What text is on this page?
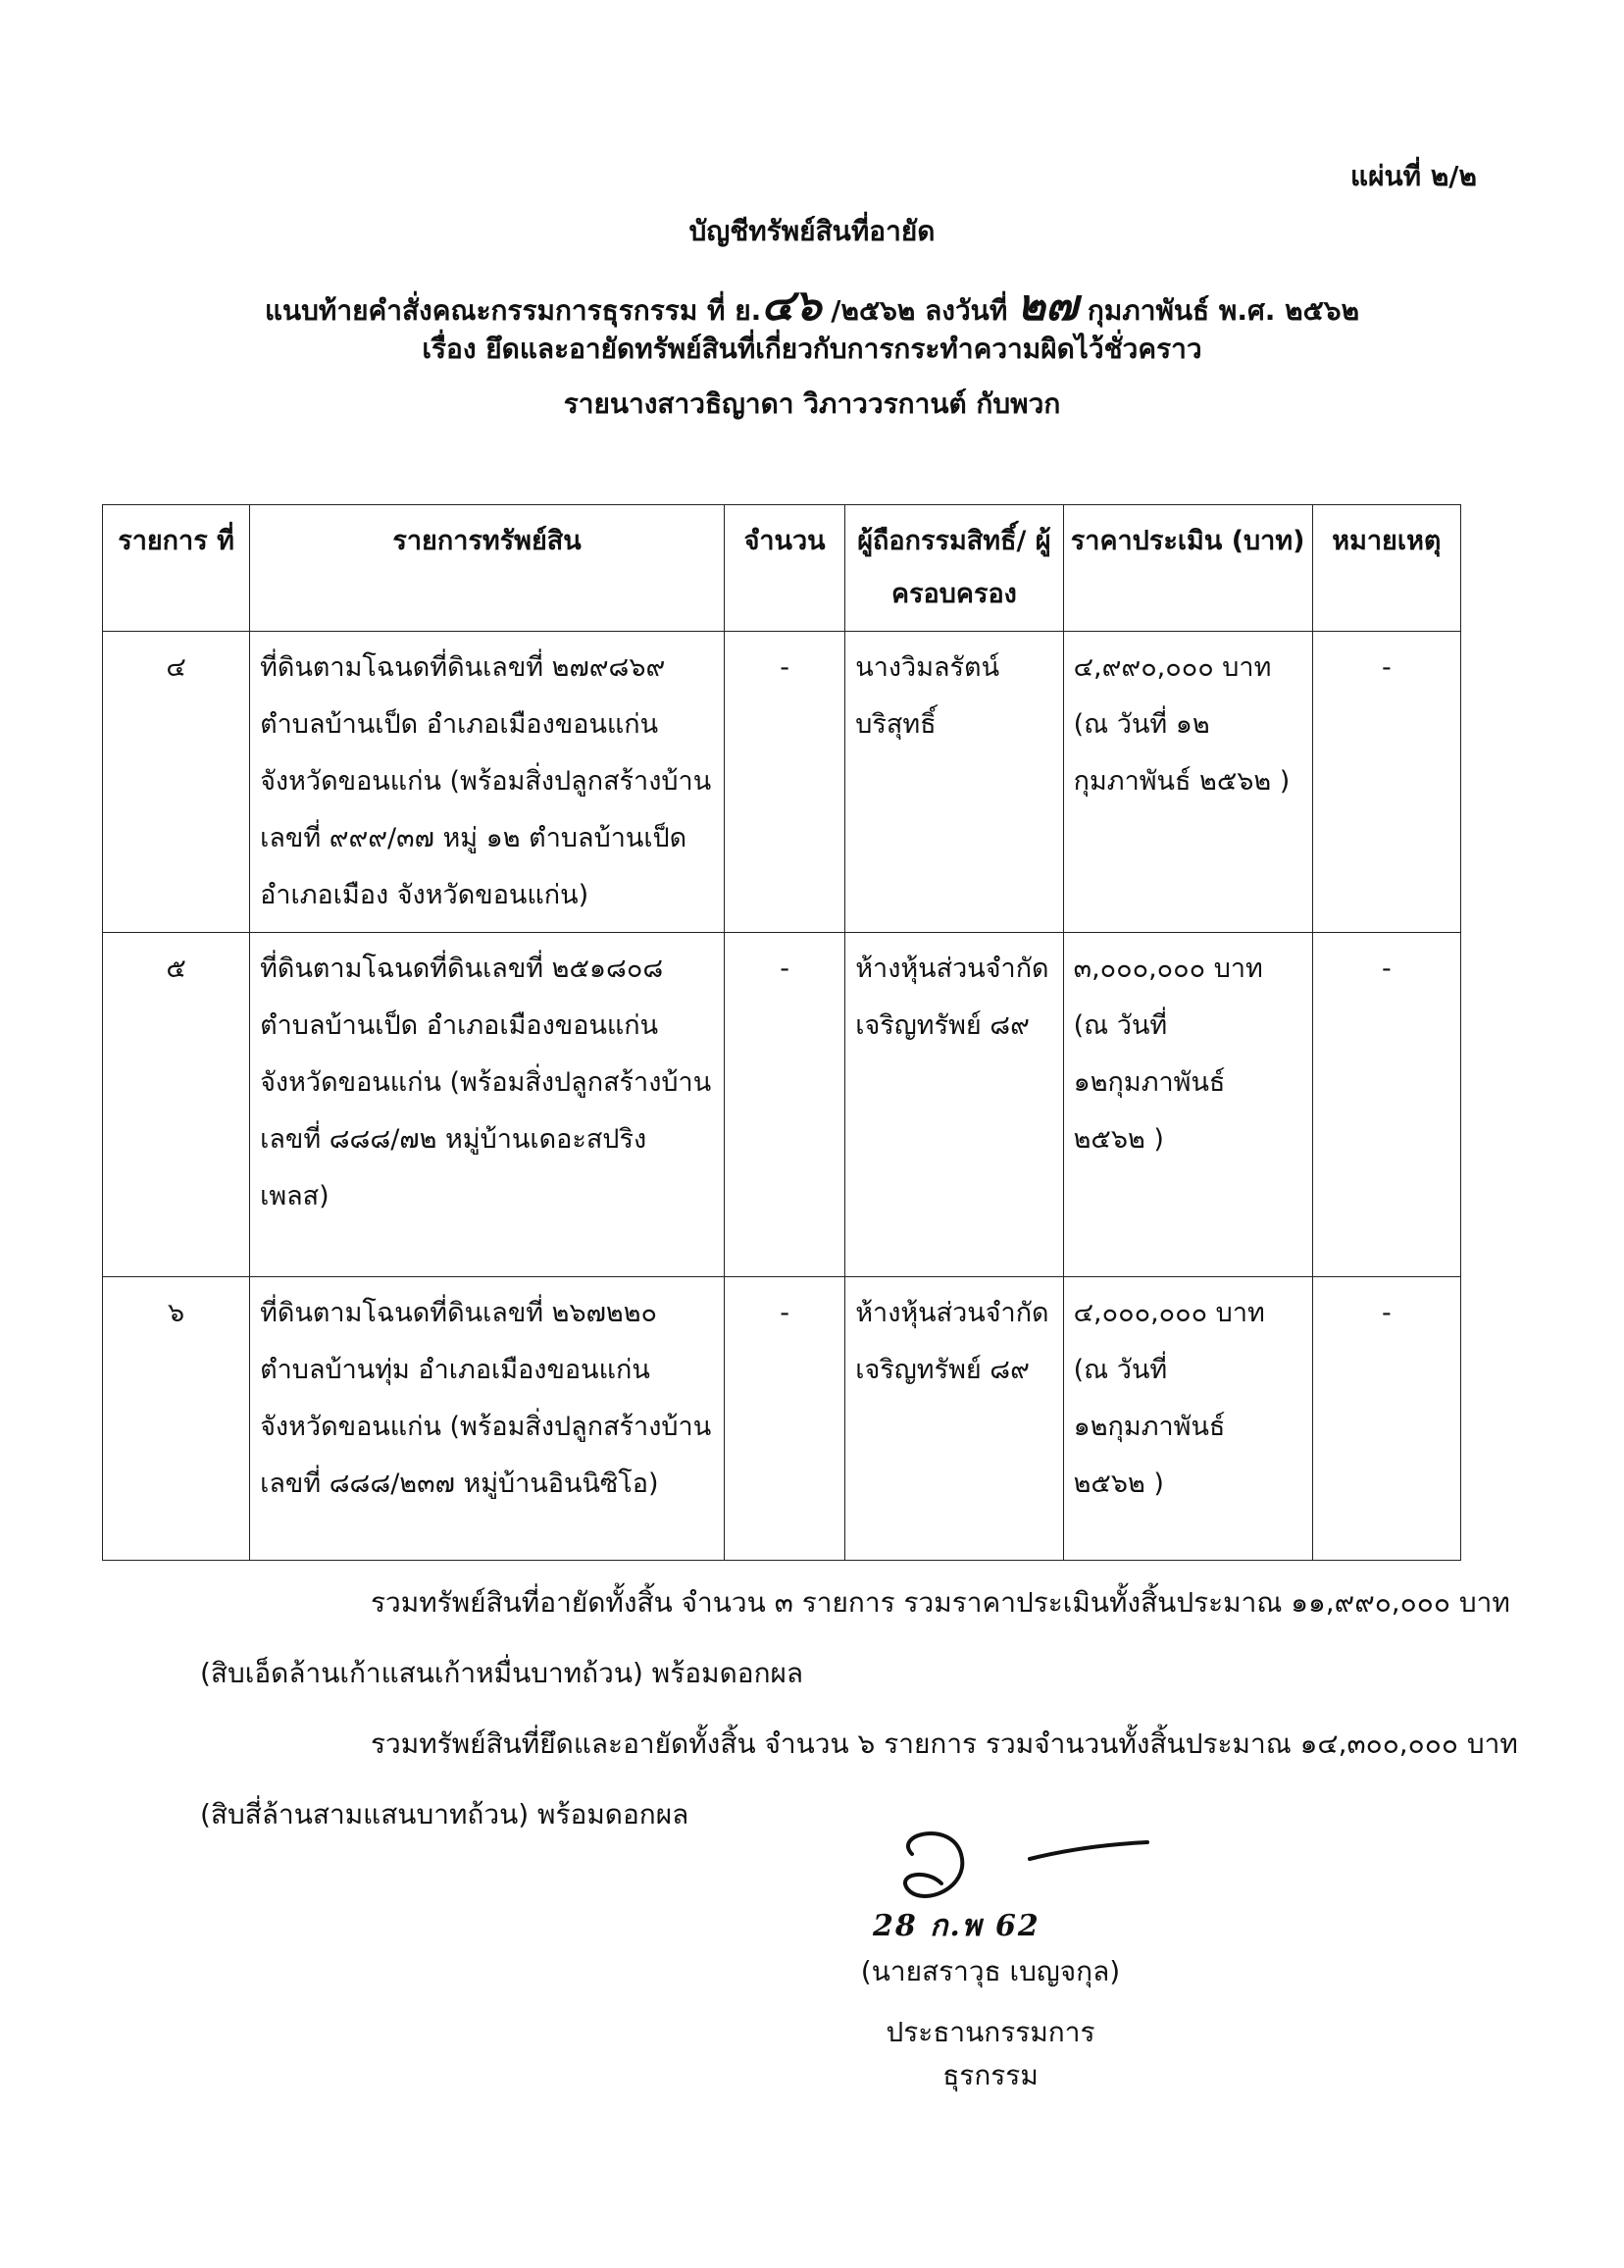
แผ่นที่ ๒/๒
บัญชีทรัพย์สินที่อายัด
แนบท้ายคำสั่งคณะกรรมการธุรกรรม ที่ ย.๔๖ /๒๕๖๒ ลงวันที่ ๒๗ กุมภาพันธ์ พ.ศ. ๒๕๖๒
เรื่อง ยึดและอายัดทรัพย์สินที่เกี่ยวกับการกระทำความผิดไว้ชั่วคราว
รายนางสาวธิญาดา วิภาววรกานต์ กับพวก
รายการ ที่	รายการทรัพย์สิน	จำนวน	ผู้ถือกรรมสิทธิ์/ ผู้ครอบครอง	ราคาประเมิน (บาท)	หมายเหตุ
๔	ที่ดินตามโฉนดที่ดินเลขที่ ๒๗๙๘๖๙ ตำบลบ้านเป็ด อำเภอเมืองขอนแก่น จังหวัดขอนแก่น (พร้อมสิ่งปลูกสร้างบ้านเลขที่ ๙๙๙/๓๗ หมู่ ๑๒ ตำบลบ้านเป็ด อำเภอเมือง จังหวัดขอนแก่น)	-	นางวิมลรัตน์ บริสุทธิ์	๔,๙๙๐,๐๐๐ บาท (ณ วันที่ ๑๒ กุมภาพันธ์ ๒๕๖๒ )	-
๕	ที่ดินตามโฉนดที่ดินเลขที่ ๒๕๑๘๐๘ ตำบลบ้านเป็ด อำเภอเมืองขอนแก่น จังหวัดขอนแก่น (พร้อมสิ่งปลูกสร้างบ้านเลขที่ ๘๘๘/๗๒ หมู่บ้านเดอะสปริงเพลส)	-	ห้างหุ้นส่วนจำกัด เจริญทรัพย์ ๘๙	๓,๐๐๐,๐๐๐ บาท (ณ วันที่ ๑๒กุมภาพันธ์ ๒๕๖๒ )	-
๖	ที่ดินตามโฉนดที่ดินเลขที่ ๒๖๗๒๒๐ ตำบลบ้านทุ่ม อำเภอเมืองขอนแก่น จังหวัดขอนแก่น (พร้อมสิ่งปลูกสร้างบ้านเลขที่ ๘๘๘/๒๓๗ หมู่บ้านอินนิซิโอ)	-	ห้างหุ้นส่วนจำกัด เจริญทรัพย์ ๘๙	๔,๐๐๐,๐๐๐ บาท (ณ วันที่ ๑๒กุมภาพันธ์ ๒๕๖๒ )	-
รวมทรัพย์สินที่อายัดทั้งสิ้น จำนวน ๓ รายการ รวมราคาประเมินทั้งสิ้นประมาณ ๑๑,๙๙๐,๐๐๐ บาท
(สิบเอ็ดล้านเก้าแสนเก้าหมื่นบาทถ้วน) พร้อมดอกผล
รวมทรัพย์สินที่ยึดและอายัดทั้งสิ้น จำนวน ๖ รายการ รวมจำนวนทั้งสิ้นประมาณ ๑๔,๓๐๐,๐๐๐ บาท
(สิบสี่ล้านสามแสนบาทถ้วน) พร้อมดอกผล
28 ก.พ 62
(นายสราวุธ เบญจกุล)
ประธานกรรมการธุรกรรม
